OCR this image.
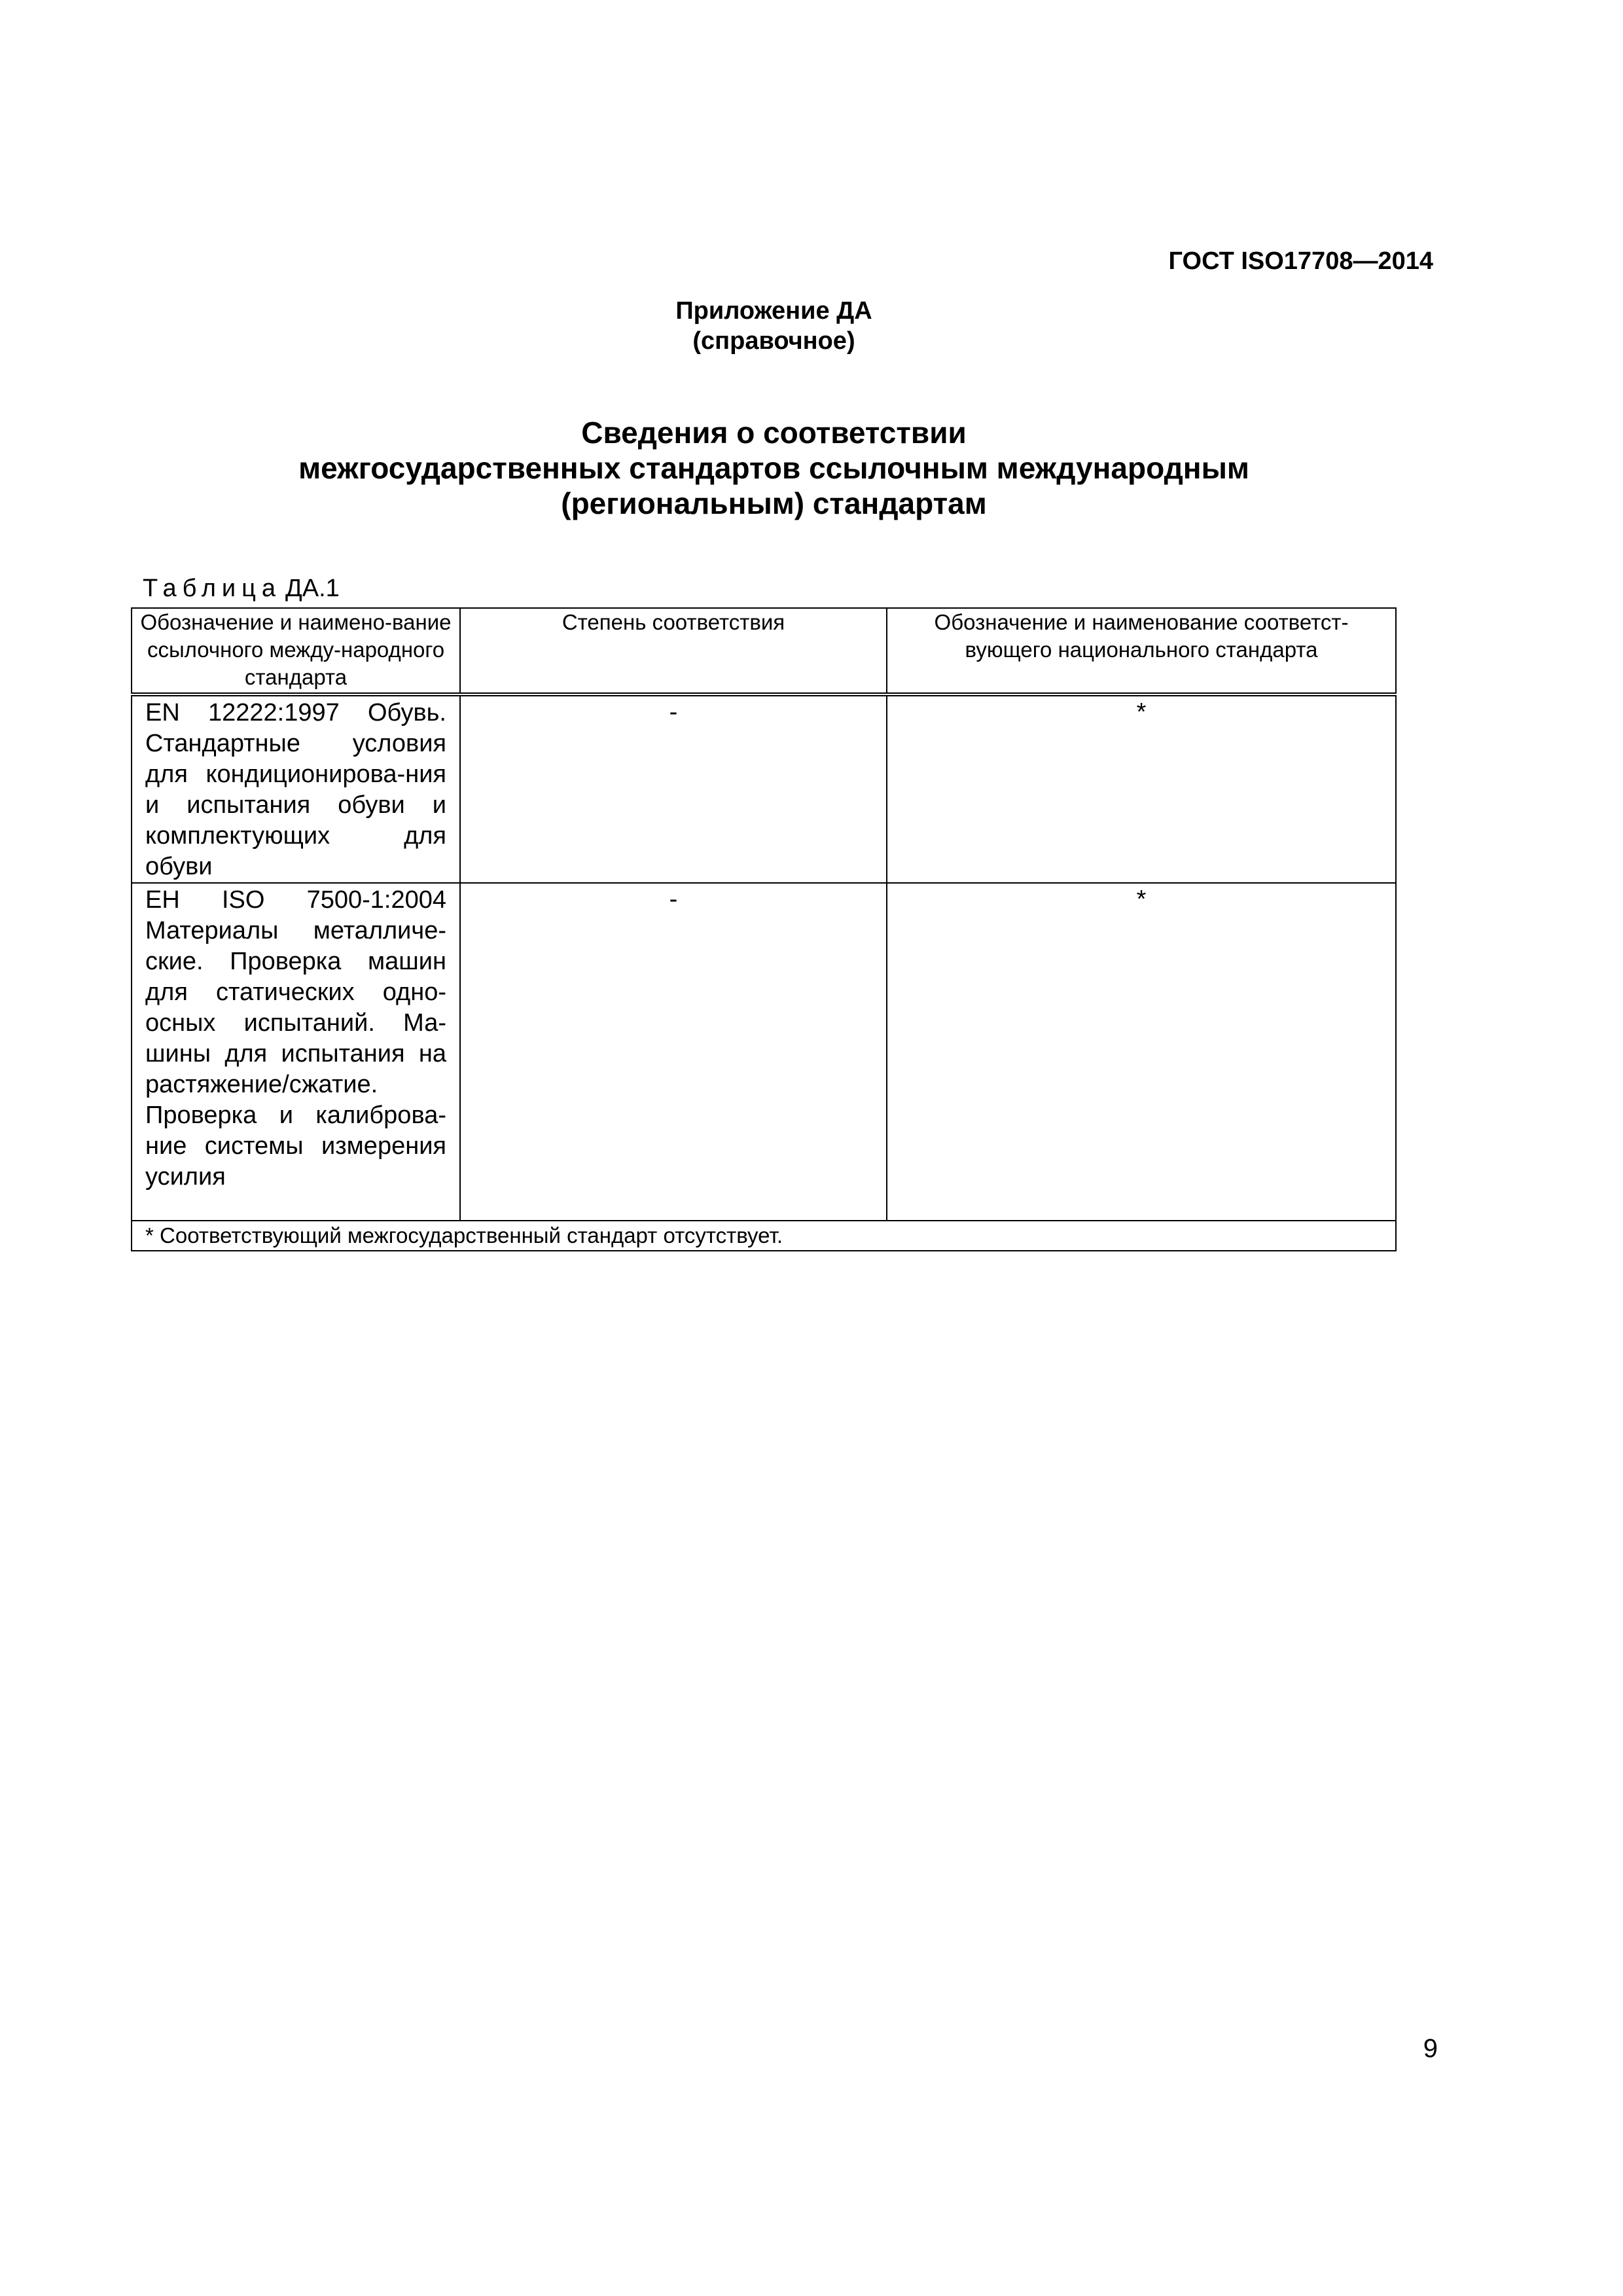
ГОСТ ISO17708—2014
Приложение ДА
(справочное)
Сведения о соответствии
межгосударственных стандартов ссылочным международным
(региональным) стандартам
Таблица ДА.1
Обозначение и наимено-вание ссылочного между-народного стандарта	Степень соответствия	Обозначение и наименование соответст-вующего национального стандарта
EN 12222:1997 Обувь. Стандартные условия для кондиционирова-ния и испытания обуви и комплектующих для обуви	-	*
EH ISO 7500-1:2004 Материалы металличе-ские. Проверка машин для статических одно-осных испытаний. Ма-шины для испытания на растяжение/сжатие. Проверка и калиброва-ние системы измерения усилия	-	*
* Соответствующий межгосударственный стандарт отсутствует.		
9
